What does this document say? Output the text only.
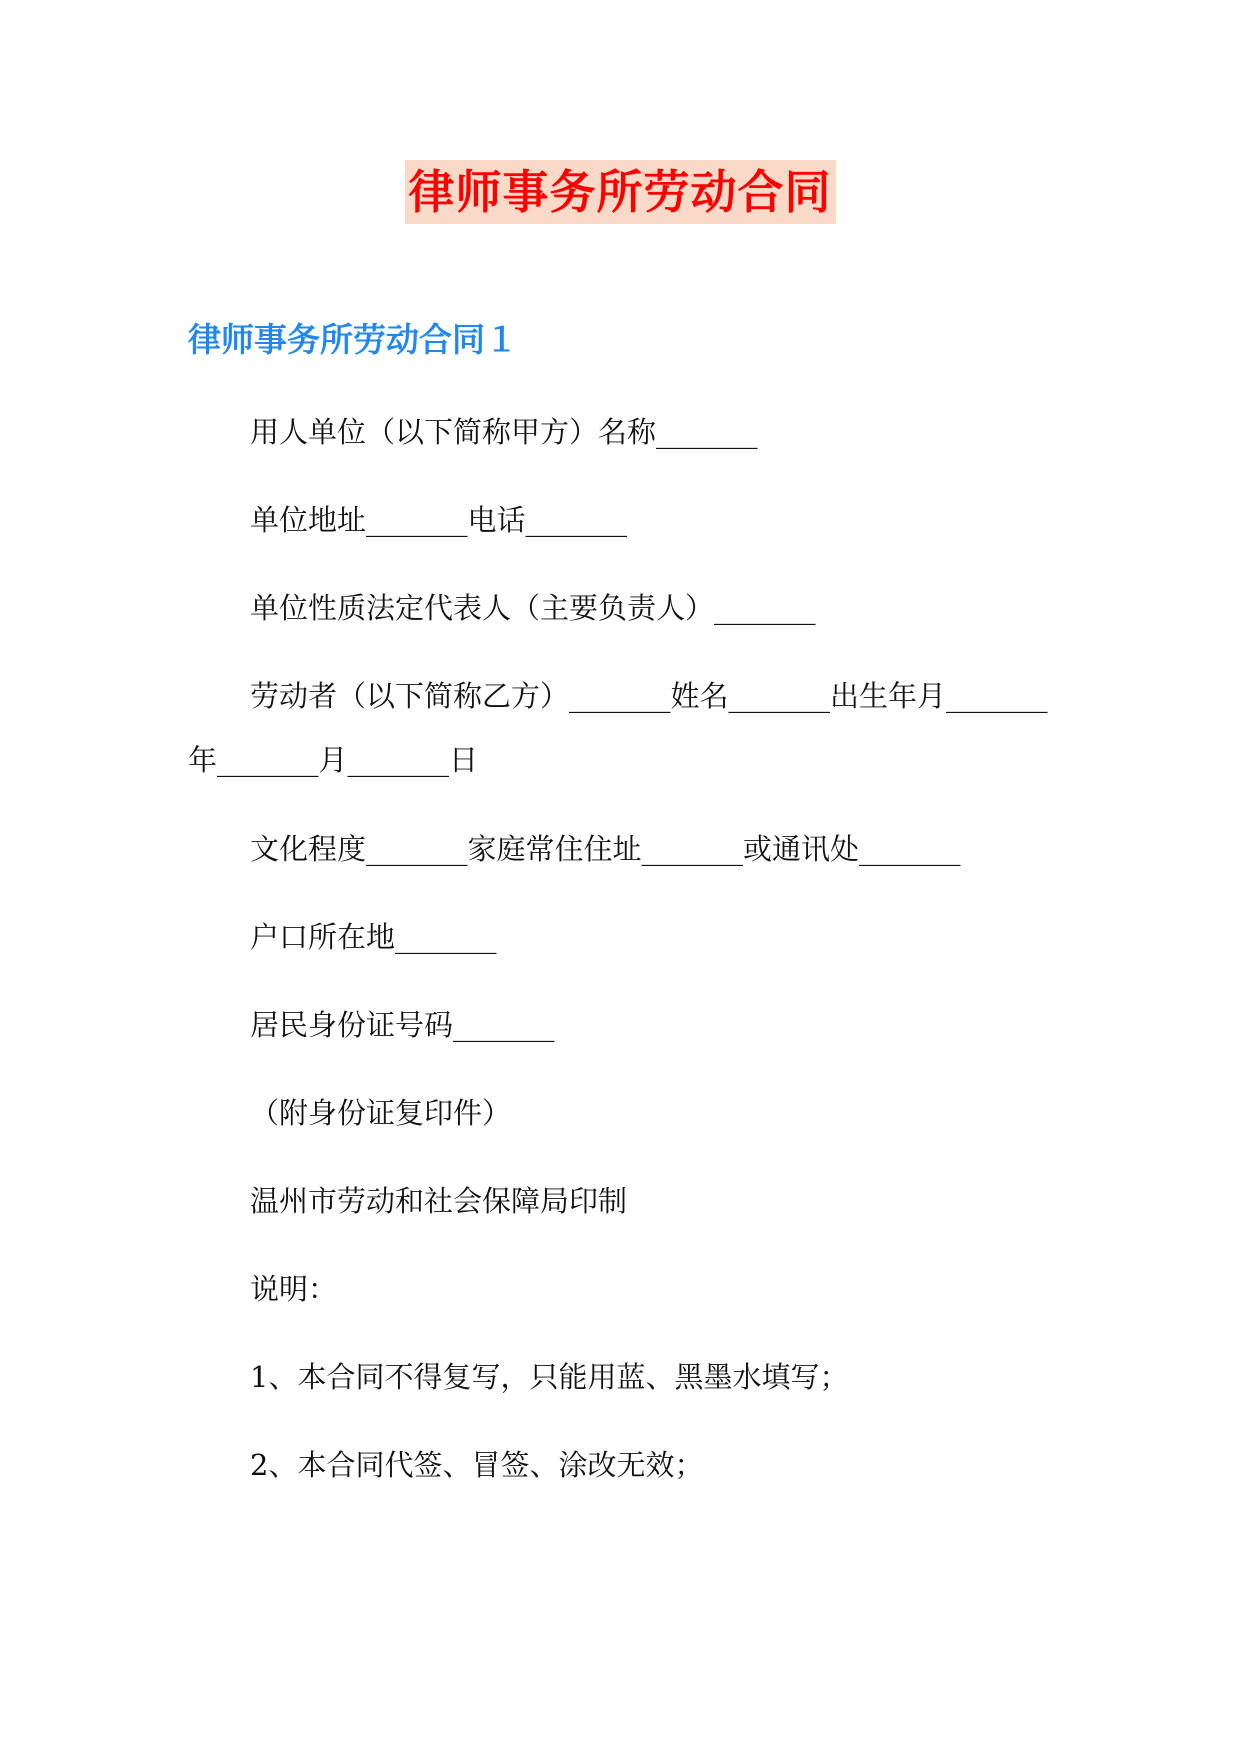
律师事务所劳动合同
律师事务所劳动合同１

用人单位（以下简称甲方）名称_______

单位地址_______电话_______

单位性质法定代表人（主要负责人）_______

劳动者（以下简称乙方）_______姓名_______出生年月_______年_______月_______日

文化程度_______家庭常住住址_______或通讯处_______

户口所在地_______

居民身份证号码_______

（附身份证复印件）

温州市劳动和社会保障局印制

说明：

1、本合同不得复写，只能用蓝、黑墨水填写；

2、本合同代签、冒签、涂改无效；
